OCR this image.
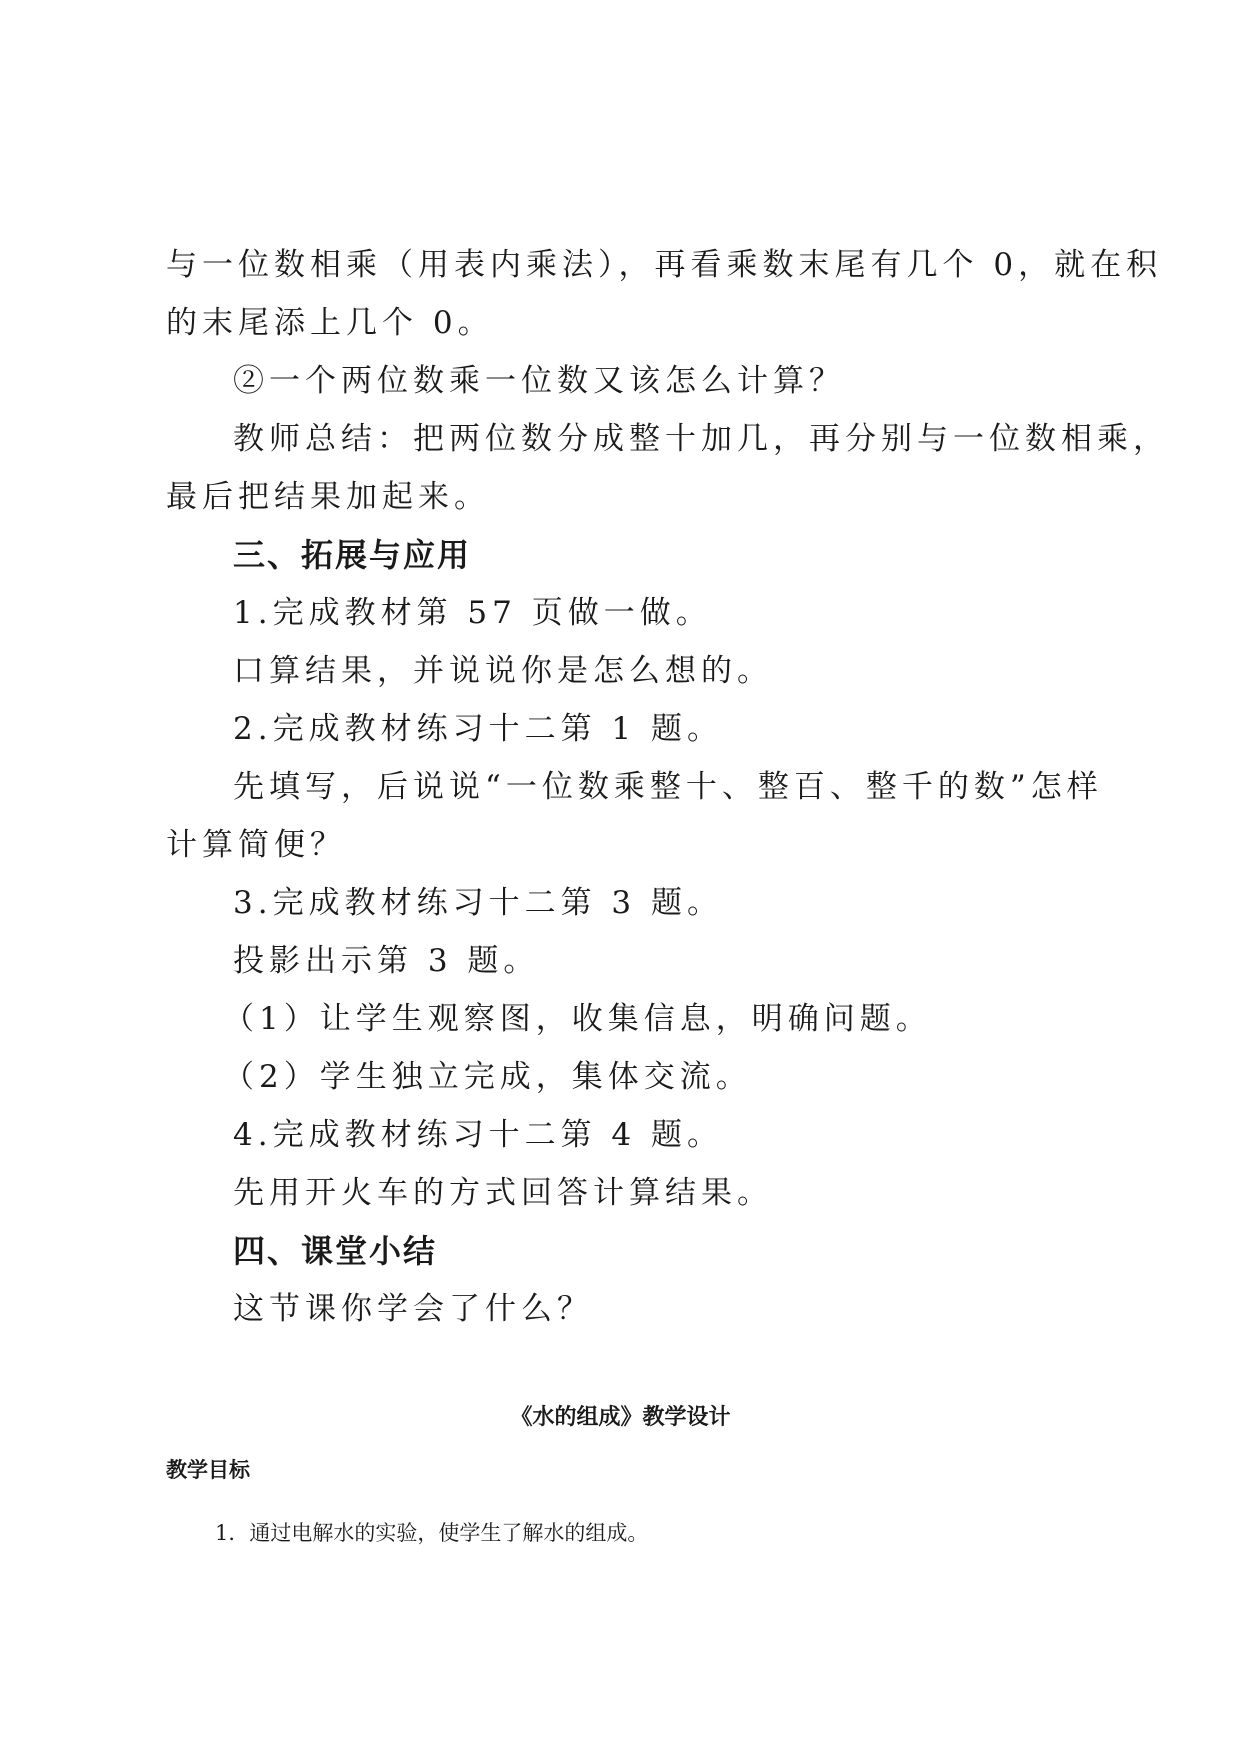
与一位数相乘（用表内乘法），再看乘数末尾有几个 0，就在积
的末尾添上几个 0。
②一个两位数乘一位数又该怎么计算？
教师总结：把两位数分成整十加几，再分别与一位数相乘，
最后把结果加起来。
三、拓展与应用
1.完成教材第 57 页做一做。
口算结果，并说说你是怎么想的。
2.完成教材练习十二第 1 题。
先填写，后说说“一位数乘整十、整百、整千的数”怎样
计算简便？
3.完成教材练习十二第 3 题。
投影出示第 3 题。
（1）让学生观察图，收集信息，明确问题。
（2）学生独立完成，集体交流。
4.完成教材练习十二第 4 题。
先用开火车的方式回答计算结果。
四、课堂小结
这节课你学会了什么？
《水的组成》教学设计
教学目标
1．通过电解水的实验，使学生了解水的组成。
